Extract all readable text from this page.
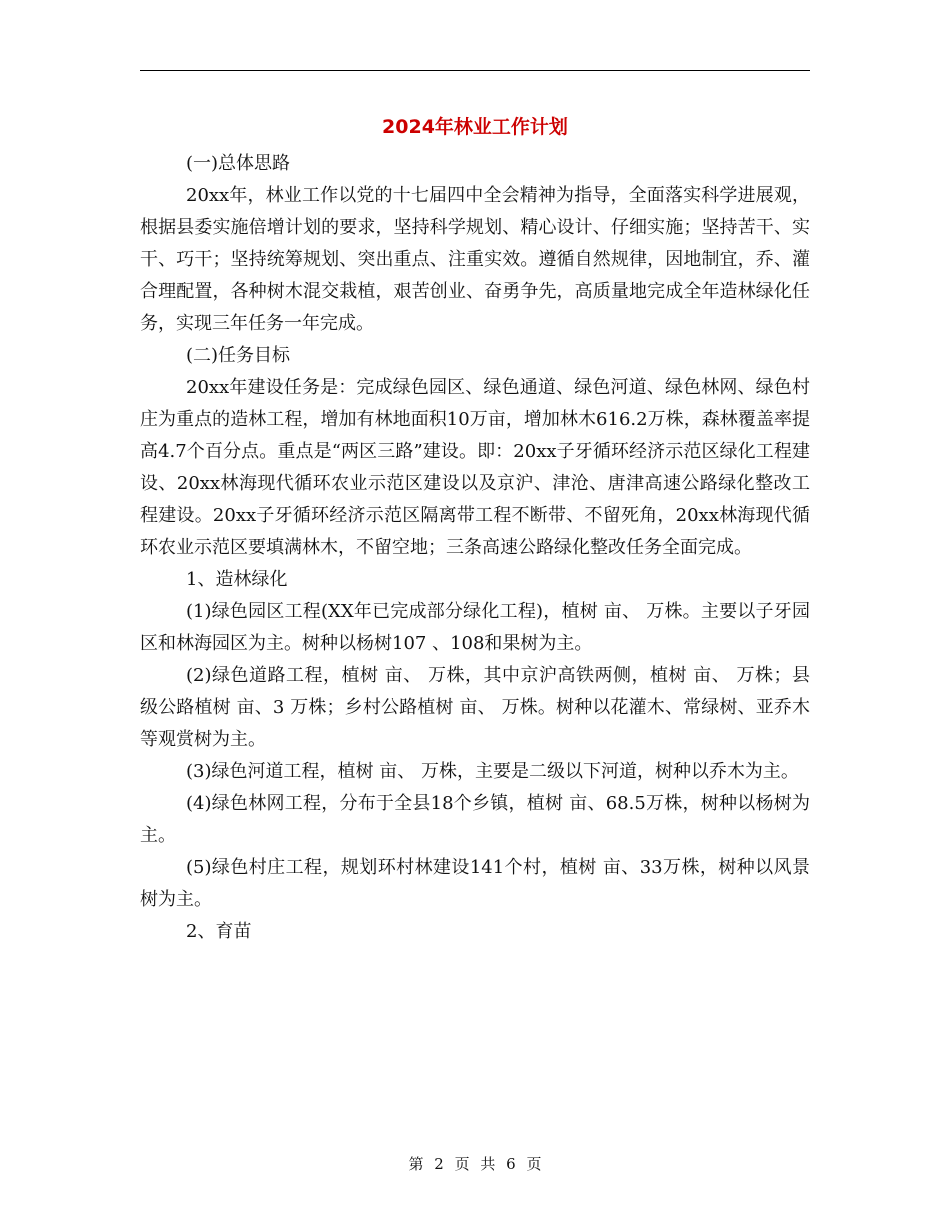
2024年林业工作计划

(一)总体思路

20xx年，林业工作以党的十七届四中全会精神为指导，全面落实科学进展观，根据县委实施倍增计划的要求，坚持科学规划、精心设计、仔细实施；坚持苦干、实干、巧干；坚持统筹规划、突出重点、注重实效。遵循自然规律，因地制宜，乔、灌合理配置，各种树木混交栽植，艰苦创业、奋勇争先，高质量地完成全年造林绿化任务，实现三年任务一年完成。

(二)任务目标

20xx年建设任务是：完成绿色园区、绿色通道、绿色河道、绿色林网、绿色村庄为重点的造林工程，增加有林地面积10万亩，增加林木616.2万株，森林覆盖率提高4.7个百分点。重点是“两区三路”建设。即：20xx子牙循环经济示范区绿化工程建设、20xx林海现代循环农业示范区建设以及京沪、津沧、唐津高速公路绿化整改工程建设。20xx子牙循环经济示范区隔离带工程不断带、不留死角，20xx林海现代循环农业示范区要填满林木，不留空地；三条高速公路绿化整改任务全面完成。

1、造林绿化

(1)绿色园区工程(XX年已完成部分绿化工程)，植树 亩、 万株。主要以子牙园区和林海园区为主。树种以杨树107 、108和果树为主。

(2)绿色道路工程，植树 亩、 万株，其中京沪高铁两侧，植树 亩、 万株；县级公路植树 亩、3 万株；乡村公路植树 亩、 万株。树种以花灌木、常绿树、亚乔木等观赏树为主。

(3)绿色河道工程，植树 亩、 万株，主要是二级以下河道，树种以乔木为主。

(4)绿色林网工程，分布于全县18个乡镇，植树 亩、68.5万株，树种以杨树为主。

(5)绿色村庄工程，规划环村林建设141个村，植树 亩、33万株，树种以风景树为主。

2、育苗

第 2 页 共 6 页
